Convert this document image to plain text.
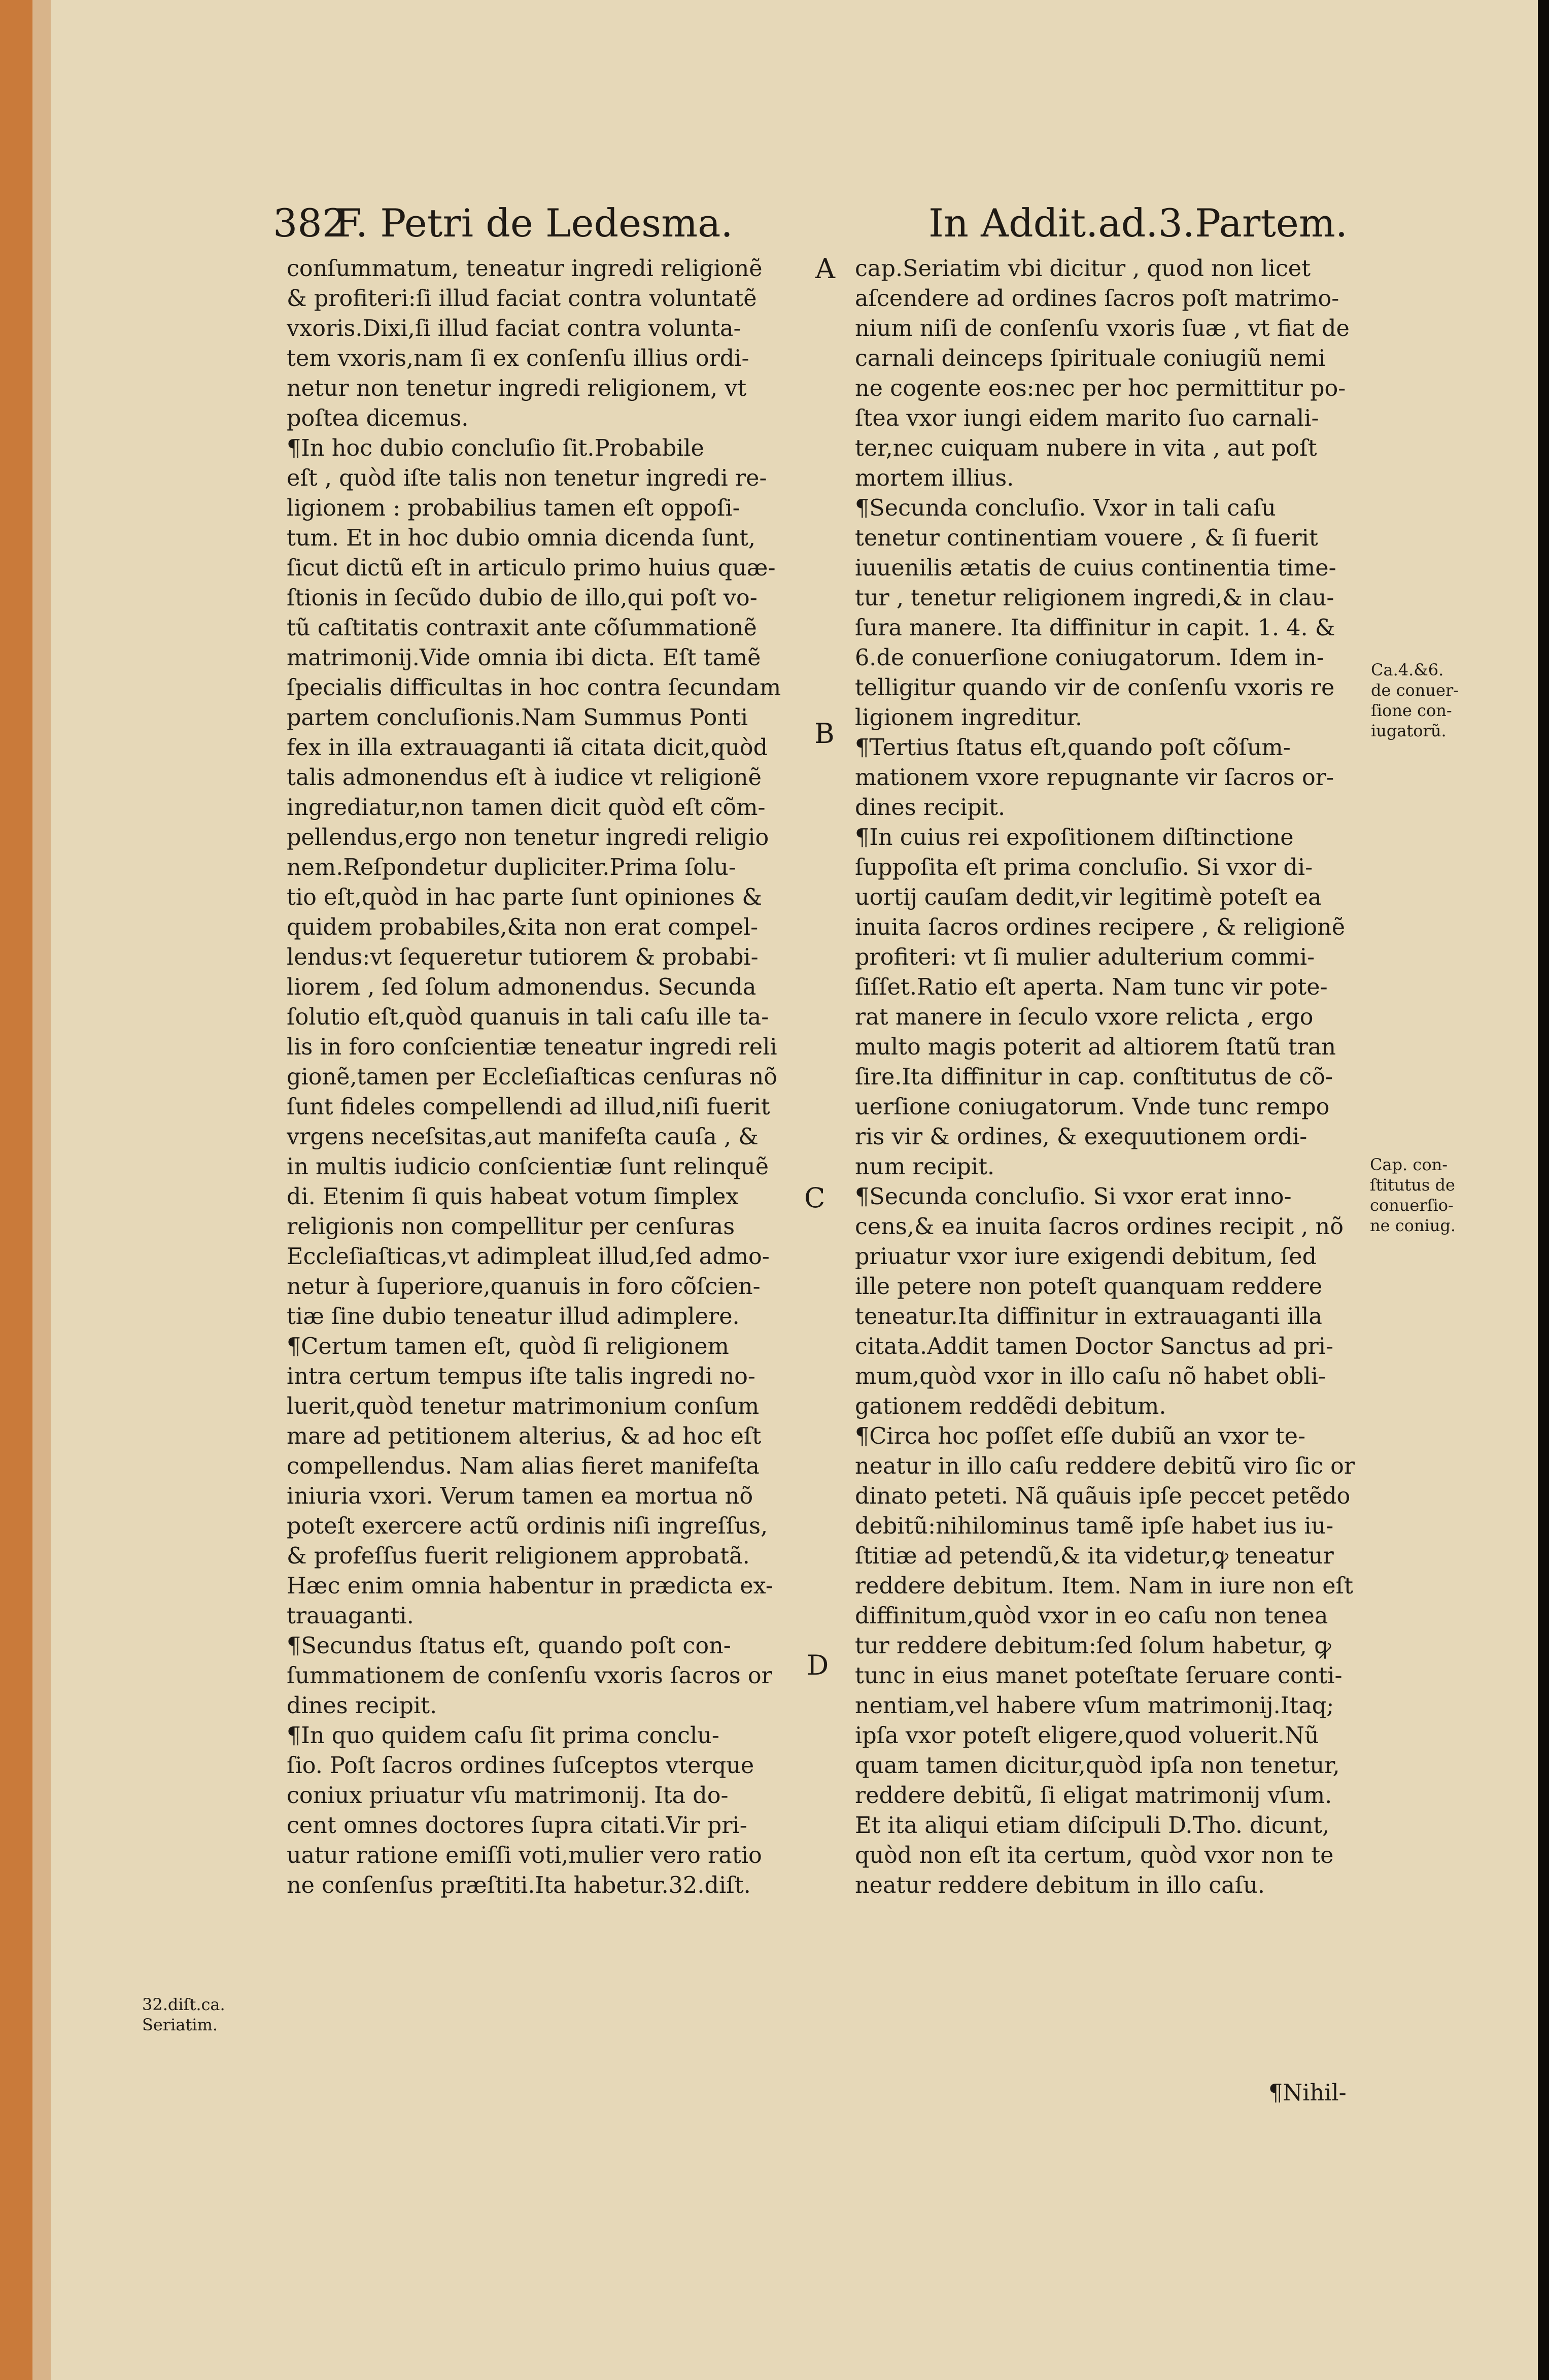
382
F. Petri de Ledesma.	In Addit.ad.3.Partem.
conſummatum, teneatur ingredi religionẽ
& profiteri:ſi illud faciat contra voluntatẽ
vxoris.Dixi,ſi illud faciat contra volunta-
tem vxoris,nam ſi ex conſenſu illius ordi-
netur non tenetur ingredi religionem, vt
poſtea dicemus.
¶In hoc dubio concluſio ſit.Probabile
eſt , quòd iſte talis non tenetur ingredi re-
ligionem : probabilius tamen eſt oppoſi-
tum. Et in hoc dubio omnia dicenda ſunt,
ſicut dictũ eſt in articulo primo huius quæ-
ſtionis in ſecũdo dubio de illo,qui poſt vo-
tũ caſtitatis contraxit ante cõſummationẽ
matrimonij.Vide omnia ibi dicta. Eſt tamẽ
ſpecialis difficultas in hoc contra ſecundam
partem concluſionis.Nam Summus Ponti
fex in illa extrauaganti iã citata dicit,quòd
talis admonendus eſt à iudice vt religionẽ
ingrediatur,non tamen dicit quòd eſt cõm-
pellendus,ergo non tenetur ingredi religio
nem.Reſpondetur dupliciter.Prima ſolu-
tio eſt,quòd in hac parte ſunt opiniones &
quidem probabiles,&ita non erat compel-
lendus:vt ſequeretur tutiorem & probabi-
liorem , ſed ſolum admonendus. Secunda
ſolutio eſt,quòd quanuis in tali caſu ille ta-
lis in foro conſcientiæ teneatur ingredi reli
gionẽ,tamen per Eccleſiaſticas cenſuras nõ
ſunt fideles compellendi ad illud,niſi fuerit
vrgens neceſsitas,aut manifeſta cauſa , &
in multis iudicio conſcientiæ ſunt relinquẽ
di. Etenim ſi quis habeat votum ſimplex
religionis non compellitur per cenſuras
Eccleſiaſticas,vt adimpleat illud,ſed admo-
netur à ſuperiore,quanuis in foro cõſcien-
tiæ ſine dubio teneatur illud adimplere.
¶Certum tamen eſt, quòd ſi religionem
intra certum tempus iſte talis ingredi no-
luerit,quòd tenetur matrimonium conſum
mare ad petitionem alterius, & ad hoc eſt
compellendus. Nam alias fieret manifeſta
iniuria vxori. Verum tamen ea mortua nõ
poteſt exercere actũ ordinis niſi ingreſſus,
& profeſſus fuerit religionem approbatã.
Hæc enim omnia habentur in prædicta ex-
trauaganti.
¶Secundus ſtatus eſt, quando poſt con-
ſummationem de conſenſu vxoris ſacros or
dines recipit.
¶In quo quidem caſu ſit prima conclu-
ſio. Poſt ſacros ordines ſuſceptos vterque
coniux priuatur vſu matrimonij. Ita do-
cent omnes doctores ſupra citati.Vir pri-
uatur ratione emiſſi voti,mulier vero ratio
ne conſenſus præſtiti.Ita habetur.32.diſt.
cap.Seriatim vbi dicitur , quod non licet
aſcendere ad ordines ſacros poſt matrimo-
nium niſi de conſenſu vxoris ſuæ , vt fiat de
carnali deinceps ſpirituale coniugiũ nemi
ne cogente eos:nec per hoc permittitur po-
ſtea vxor iungi eidem marito ſuo carnali-
ter,nec cuiquam nubere in vita , aut poſt
mortem illius.
¶Secunda concluſio. Vxor in tali caſu
tenetur continentiam vouere , & ſi fuerit
iuuenilis ætatis de cuius continentia time-
tur , tenetur religionem ingredi,& in clau-
ſura manere. Ita diffinitur in capit. 1. 4. &
6.de conuerſione coniugatorum. Idem in-
telligitur quando vir de conſenſu vxoris re
ligionem ingreditur.
¶Tertius ſtatus eſt,quando poſt cõſum-
mationem vxore repugnante vir ſacros or-
dines recipit.
¶In cuius rei expoſitionem diſtinctione
ſuppoſita eſt prima concluſio. Si vxor di-
uortij cauſam dedit,vir legitimè poteſt ea
inuita ſacros ordines recipere , & religionẽ
profiteri: vt ſi mulier adulterium commi-
ſiſſet.Ratio eſt aperta. Nam tunc vir pote-
rat manere in ſeculo vxore relicta , ergo
multo magis poterit ad altiorem ſtatũ tran
ſire.Ita diffinitur in cap. conſtitutus de cõ-
uerſione coniugatorum. Vnde tunc rempo
ris vir & ordines, & exequutionem ordi-
num recipit.
¶Secunda concluſio. Si vxor erat inno-
cens,& ea inuita ſacros ordines recipit , nõ
priuatur vxor iure exigendi debitum, ſed
ille petere non poteſt quanquam reddere
teneatur.Ita diffinitur in extrauaganti illa
citata.Addit tamen Doctor Sanctus ad pri-
mum,quòd vxor in illo caſu nõ habet obli-
gationem reddẽdi debitum.
¶Circa hoc poſſet eſſe dubiũ an vxor te-
neatur in illo caſu reddere debitũ viro ſic or
dinato peteti. Nã quãuis ipſe peccet petẽdo
debitũ:nihilominus tamẽ ipſe habet ius iu-
ſtitiæ ad petendũ,& ita videtur,ꝙ teneatur
reddere debitum. Item. Nam in iure non eſt
diffinitum,quòd vxor in eo caſu non tenea
tur reddere debitum:ſed ſolum habetur, ꝙ
tunc in eius manet poteſtate ſeruare conti-
nentiam,vel habere vſum matrimonij.Itaq;
ipſa vxor poteſt eligere,quod voluerit.Nũ
quam tamen dicitur,quòd ipſa non tenetur,
reddere debitũ, ſi eligat matrimonij vſum.
Et ita aliqui etiam diſcipuli D.Tho. dicunt,
quòd non eſt ita certum, quòd vxor non te
neatur reddere debitum in illo caſu.
A
B
C
D
Ca.4.&6.
de conuer-
ſione con-
iugatorũ.
Cap. con-
ſtitutus de
conuerſio-
ne coniug.
32.diſt.ca.
Seriatim.
¶Nihil-
